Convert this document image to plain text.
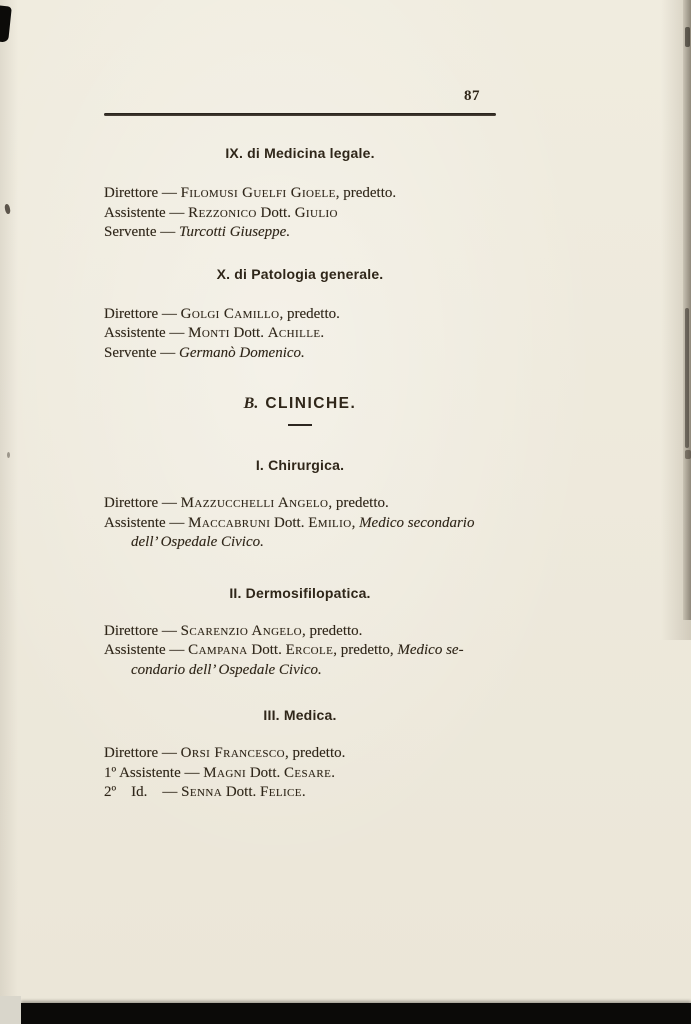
87
IX. di Medicina legale.

Direttore — Filomusi Guelfi Gioele, predetto.

Assistente — Rezzonico Dott. Giulio

Servente — Turcotti Giuseppe.

X. di Patologia generale.

Direttore — Golgi Camillo, predetto.

Assistente — Monti Dott. Achille.

Servente — Germanò Domenico.

B. CLINICHE.
I. Chirurgica.

Direttore — Mazzucchelli Angelo, predetto.

Assistente — Maccabruni Dott. Emilio, Medico secondario

dell’ Ospedale Civico.

II. Dermosifilopatica.

Direttore — Scarenzio Angelo, predetto.

Assistente — Campana Dott. Ercole, predetto, Medico se-

condario dell’ Ospedale Civico.

III. Medica.

Direttore — Orsi Francesco, predetto.

1º Assistente — Magni Dott. Cesare.

2º    Id.    — Senna Dott. Felice.
